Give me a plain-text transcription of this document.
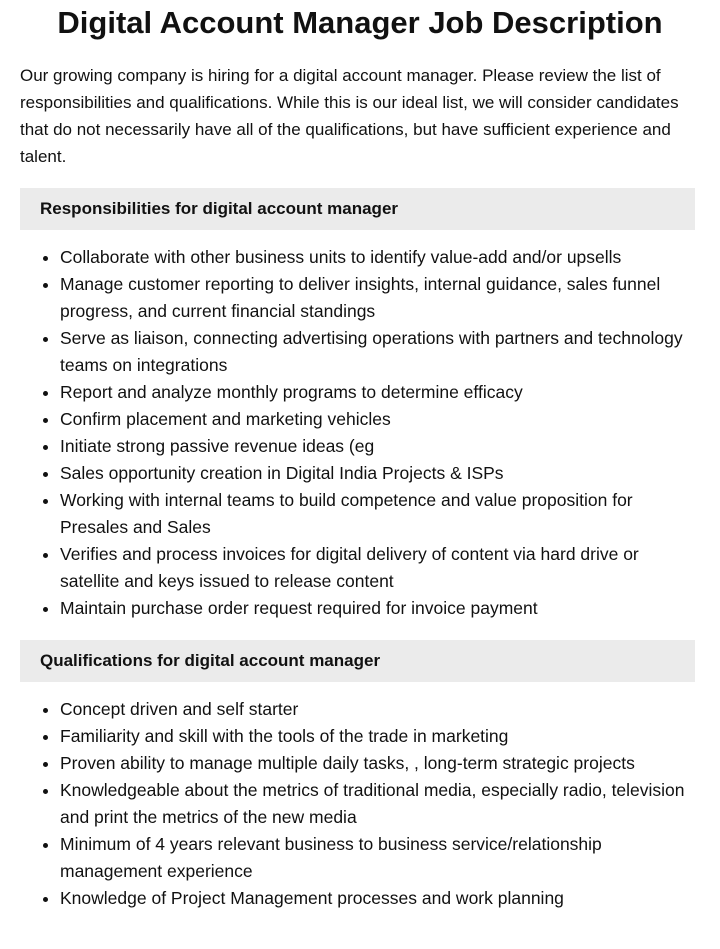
Digital Account Manager Job Description

Our growing company is hiring for a digital account manager. Please review the list of responsibilities and qualifications. While this is our ideal list, we will consider candidates that do not necessarily have all of the qualifications, but have sufficient experience and talent.

Responsibilities for digital account manager
• Collaborate with other business units to identify value-add and/or upsells
• Manage customer reporting to deliver insights, internal guidance, sales funnel progress, and current financial standings
• Serve as liaison, connecting advertising operations with partners and technology teams on integrations
• Report and analyze monthly programs to determine efficacy
• Confirm placement and marketing vehicles
• Initiate strong passive revenue ideas (eg
• Sales opportunity creation in Digital India Projects & ISPs
• Working with internal teams to build competence and value proposition for Presales and Sales
• Verifies and process invoices for digital delivery of content via hard drive or satellite and keys issued to release content
• Maintain purchase order request required for invoice payment
Qualifications for digital account manager
• Concept driven and self starter
• Familiarity and skill with the tools of the trade in marketing
• Proven ability to manage multiple daily tasks, , long-term strategic projects
• Knowledgeable about the metrics of traditional media, especially radio, television and print the metrics of the new media
• Minimum of 4 years relevant business to business service/relationship management experience
• Knowledge of Project Management processes and work planning
